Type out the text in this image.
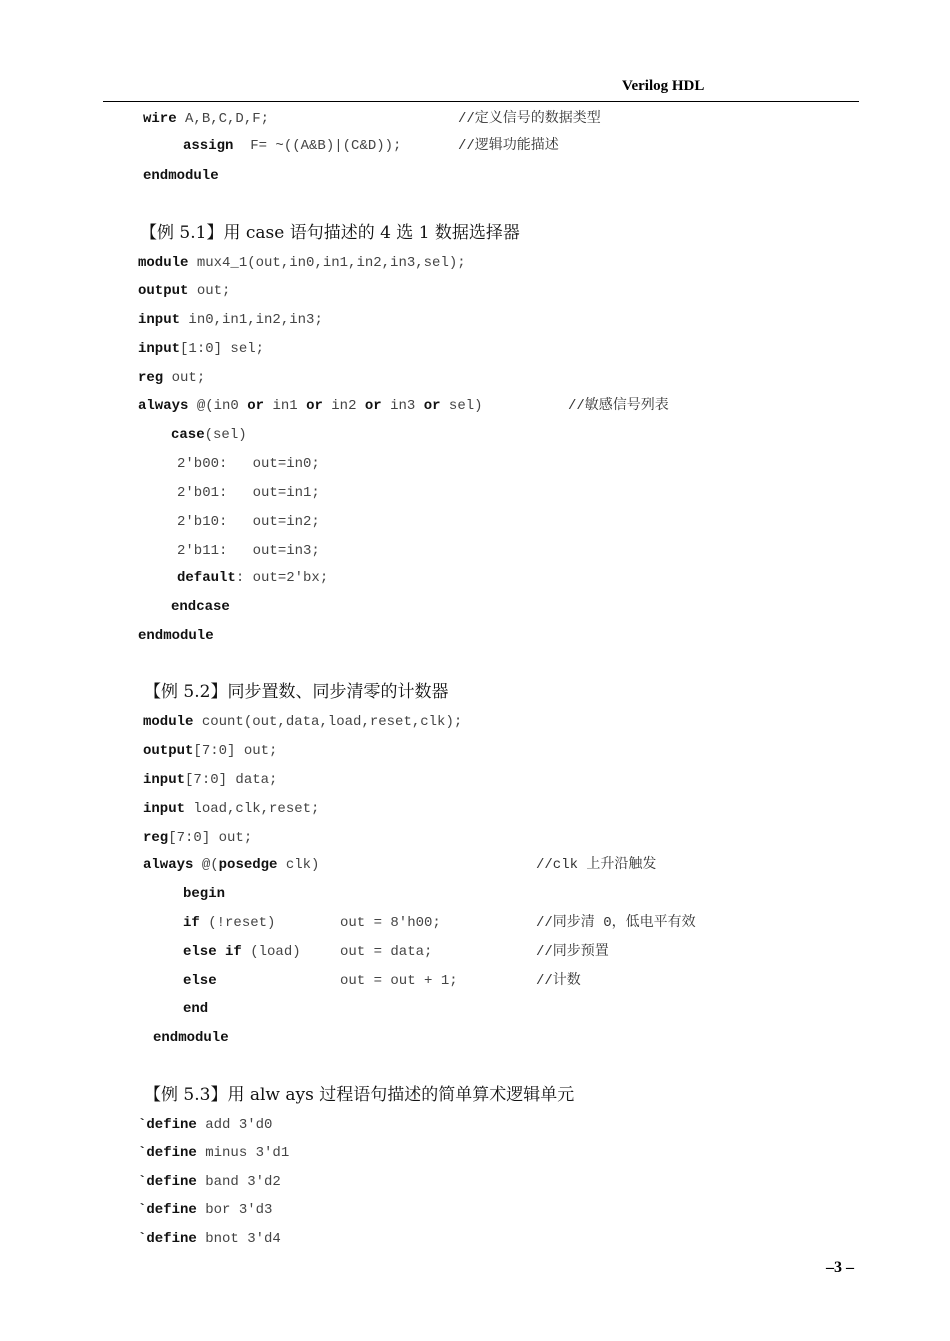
Verilog HDL
wire A,B,C,D,F;	//定义信号的数据类型
assign  F= ~((A&B)|(C&D));	//逻辑功能描述
endmodule
【例 5.1】用 case 语句描述的 4 选 1 数据选择器
module mux4_1(out,in0,in1,in2,in3,sel);
output out;
input in0,in1,in2,in3;
input[1:0] sel;
reg out;
always @(in0 or in1 or in2 or in3 or sel)	//敏感信号列表
case(sel)
2'b00:   out=in0;
2'b01:   out=in1;
2'b10:   out=in2;
2'b11:   out=in3;
default: out=2'bx;
endcase
endmodule
【例 5.2】同步置数、同步清零的计数器
module count(out,data,load,reset,clk);
output[7:0] out;
input[7:0] data;
input load,clk,reset;
reg[7:0] out;
always @(posedge clk)	//clk 上升沿触发
begin
if (!reset)	out = 8'h00;	//同步清 0，低电平有效
else if (load)	out = data;	//同步预置
else	out = out + 1;	//计数
end
endmodule
【例 5.3】用 alw ays 过程语句描述的简单算术逻辑单元
`define add 3'd0
`define minus 3'd1
`define band 3'd2
`define bor 3'd3
`define bnot 3'd4
–3 –
